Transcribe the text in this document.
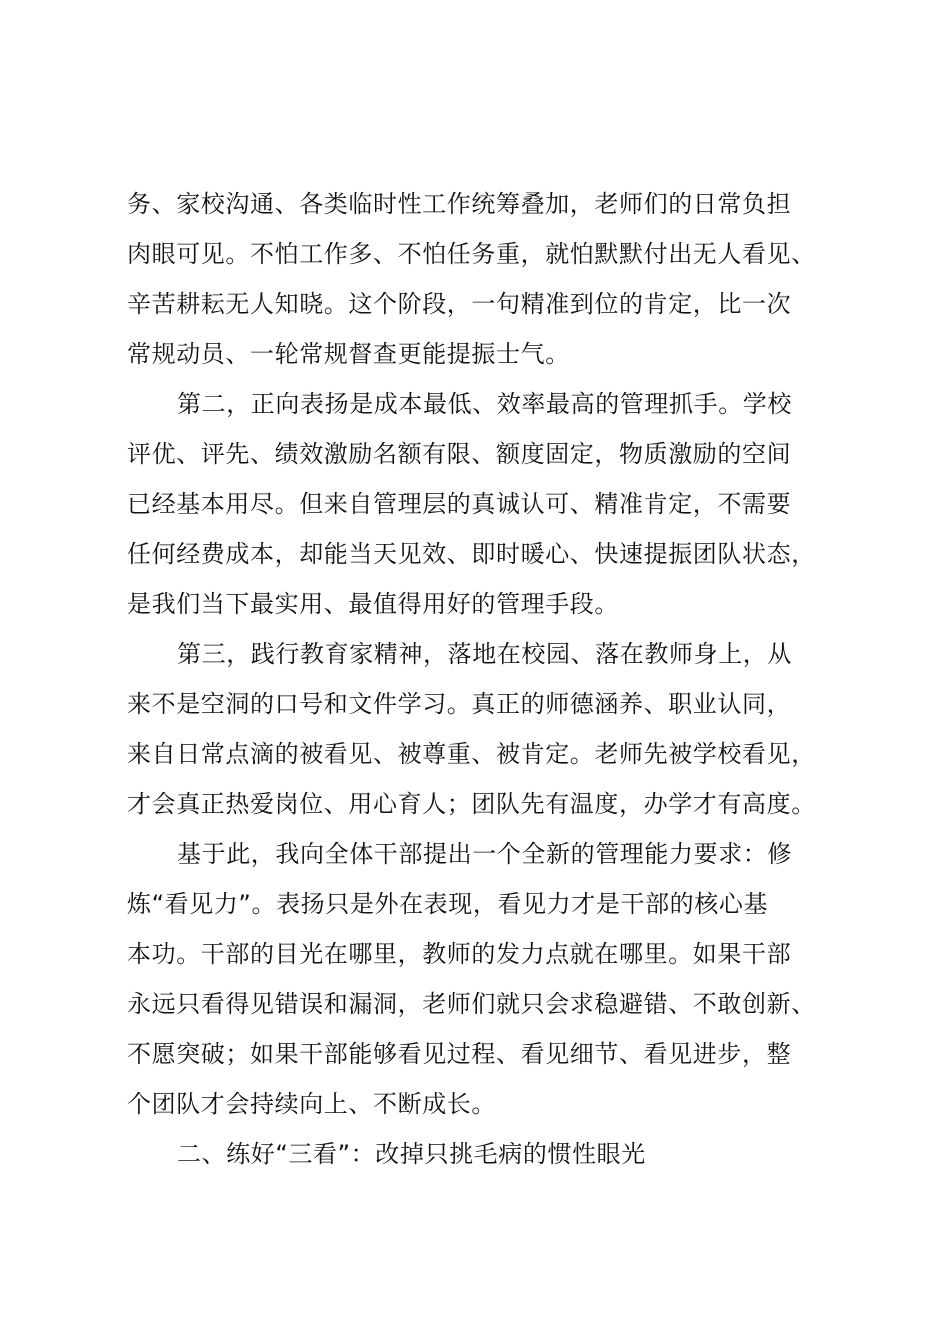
务、家校沟通、各类临时性工作统筹叠加，老师们的日常负担
肉眼可见。不怕工作多、不怕任务重，就怕默默付出无人看见、
辛苦耕耘无人知晓。这个阶段，一句精准到位的肯定，比一次
常规动员、一轮常规督查更能提振士气。
第二，正向表扬是成本最低、效率最高的管理抓手。学校
评优、评先、绩效激励名额有限、额度固定，物质激励的空间
已经基本用尽。但来自管理层的真诚认可、精准肯定，不需要
任何经费成本，却能当天见效、即时暖心、快速提振团队状态，
是我们当下最实用、最值得用好的管理手段。
第三，践行教育家精神，落地在校园、落在教师身上，从
来不是空洞的口号和文件学习。真正的师德涵养、职业认同，
来自日常点滴的被看见、被尊重、被肯定。老师先被学校看见，
才会真正热爱岗位、用心育人；团队先有温度，办学才有高度。
基于此，我向全体干部提出一个全新的管理能力要求：修
炼“看见力”。表扬只是外在表现，看见力才是干部的核心基
本功。干部的目光在哪里，教师的发力点就在哪里。如果干部
永远只看得见错误和漏洞，老师们就只会求稳避错、不敢创新、
不愿突破；如果干部能够看见过程、看见细节、看见进步，整
个团队才会持续向上、不断成长。
二、练好“三看”：改掉只挑毛病的惯性眼光
